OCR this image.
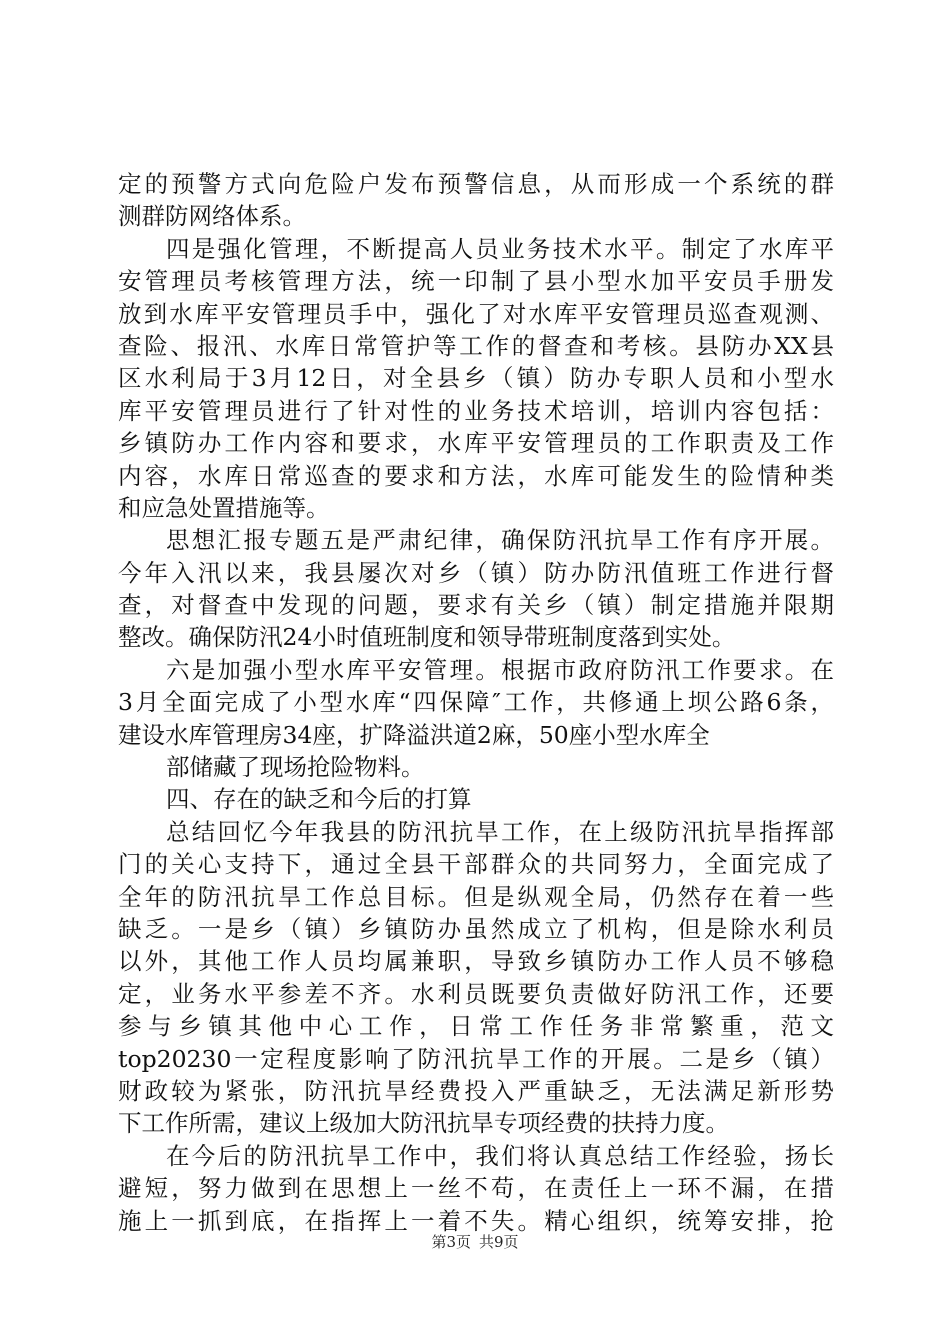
定的预警方式向危险户发布预警信息，从而形成一个系统的群
测群防网络体系。
四是强化管理，不断提高人员业务技术水平。制定了水库平
安管理员考核管理方法，统一印制了县小型水加平安员手册发
放到水库平安管理员手中，强化了对水库平安管理员巡查观测、
查险、报汛、水库日常管护等工作的督查和考核。县防办XX县
区水利局于3月12日，对全县乡（镇）防办专职人员和小型水
库平安管理员进行了针对性的业务技术培训，培训内容包括：
乡镇防办工作内容和要求，水库平安管理员的工作职责及工作
内容，水库日常巡查的要求和方法，水库可能发生的险情种类
和应急处置措施等。
思想汇报专题五是严肃纪律，确保防汛抗旱工作有序开展。
今年入汛以来，我县屡次对乡（镇）防办防汛值班工作进行督
查，对督查中发现的问题，要求有关乡（镇）制定措施并限期
整改。确保防汛24小时值班制度和领导带班制度落到实处。
六是加强小型水库平安管理。根据市政府防汛工作要求。在
3月全面完成了小型水库“四保障″工作，共修通上坝公路6条，
建设水库管理房34座，扩降溢洪道2麻，50座小型水库全
部储藏了现场抢险物料。
四、存在的缺乏和今后的打算
总结回忆今年我县的防汛抗旱工作，在上级防汛抗旱指挥部
门的关心支持下，通过全县干部群众的共同努力，全面完成了
全年的防汛抗旱工作总目标。但是纵观全局，仍然存在着一些
缺乏。一是乡（镇）乡镇防办虽然成立了机构，但是除水利员
以外，其他工作人员均属兼职，导致乡镇防办工作人员不够稳
定，业务水平参差不齐。水利员既要负责做好防汛工作，还要
参与乡镇其他中心工作，日常工作任务非常繁重，范文
top20230一定程度影响了防汛抗旱工作的开展。二是乡（镇）
财政较为紧张，防汛抗旱经费投入严重缺乏，无法满足新形势
下工作所需，建议上级加大防汛抗旱专项经费的扶持力度。
在今后的防汛抗旱工作中，我们将认真总结工作经验，扬长
避短，努力做到在思想上一丝不苟，在责任上一环不漏，在措
施上一抓到底，在指挥上一着不失。精心组织，统筹安排，抢
第3页 共9页
